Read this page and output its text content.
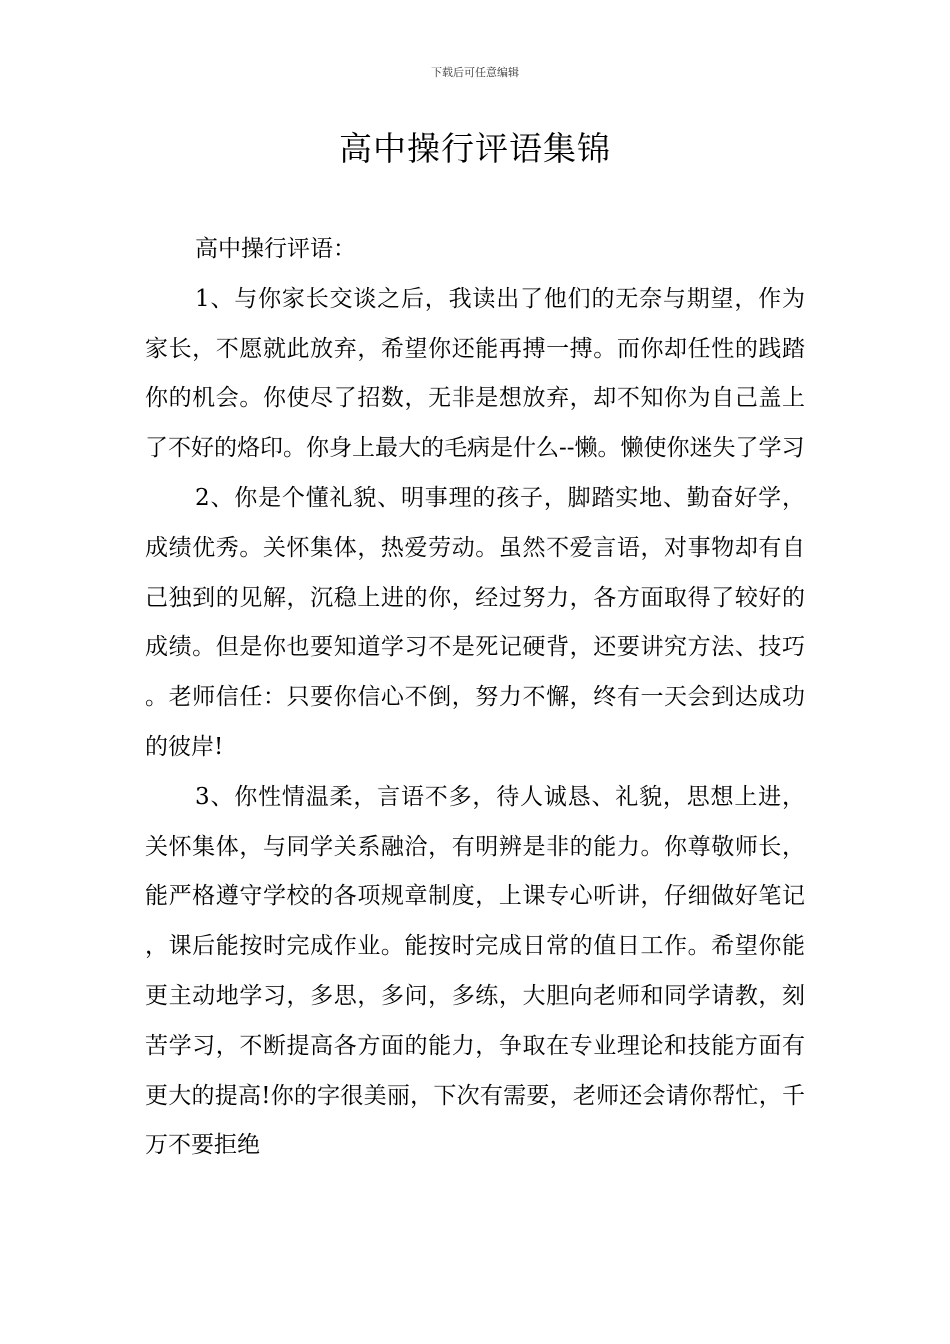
下载后可任意编辑
高中操行评语集锦

高中操行评语：

1、与你家长交谈之后，我读出了他们的无奈与期望，作为家长，不愿就此放弃，希望你还能再搏一搏。而你却任性的践踏你的机会。你使尽了招数，无非是想放弃，却不知你为自己盖上了不好的烙印。你身上最大的毛病是什么--懒。懒使你迷失了学习

2、你是个懂礼貌、明事理的孩子，脚踏实地、勤奋好学，成绩优秀。关怀集体，热爱劳动。虽然不爱言语，对事物却有自己独到的见解，沉稳上进的你，经过努力，各方面取得了较好的成绩。但是你也要知道学习不是死记硬背，还要讲究方法、技巧。老师信任：只要你信心不倒，努力不懈，终有一天会到达成功的彼岸!

3、你性情温柔，言语不多，待人诚恳、礼貌，思想上进，关怀集体，与同学关系融洽，有明辨是非的能力。你尊敬师长，能严格遵守学校的各项规章制度，上课专心听讲，仔细做好笔记，课后能按时完成作业。能按时完成日常的值日工作。希望你能更主动地学习，多思，多问，多练，大胆向老师和同学请教，刻苦学习，不断提高各方面的能力，争取在专业理论和技能方面有更大的提高!你的字很美丽，下次有需要，老师还会请你帮忙，千万不要拒绝
